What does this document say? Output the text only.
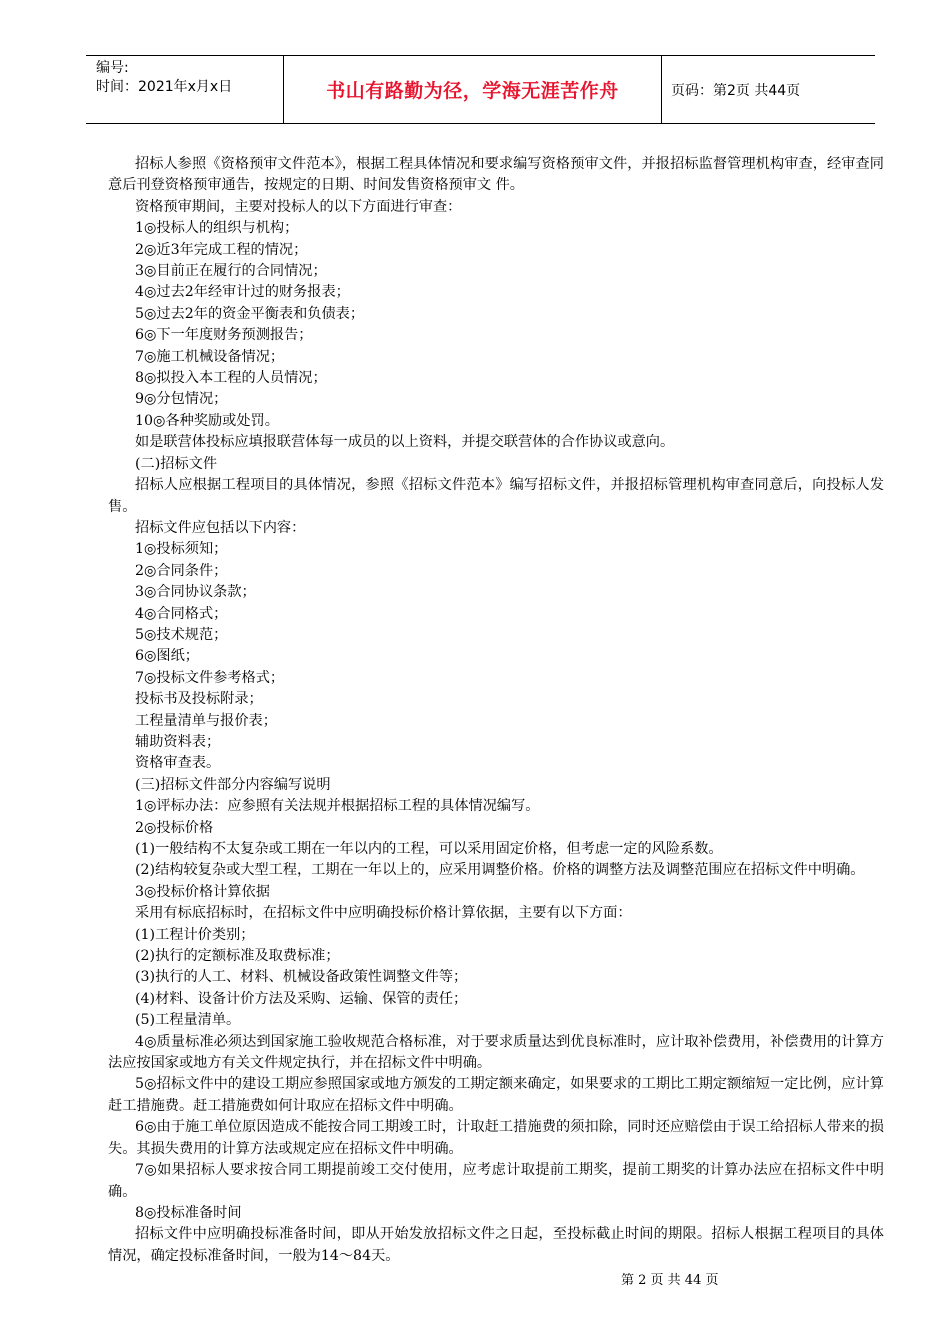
编号:
时间：2021年x月x日	书山有路勤为径，学海无涯苦作舟	页码：第2页 共44页

招标人参照《资格预审文件范本》，根据工程具体情况和要求编写资格预审文件，并报招标监督管理机构审查，经审查同意后刊登资格预审通告，按规定的日期、时间发售资格预审文 件。

资格预审期间，主要对投标人的以下方面进行审查：

1◎投标人的组织与机构；

2◎近3年完成工程的情况；

3◎目前正在履行的合同情况；

4◎过去2年经审计过的财务报表；

5◎过去2年的资金平衡表和负债表；

6◎下一年度财务预测报告；

7◎施工机械设备情况；

8◎拟投入本工程的人员情况；

9◎分包情况；

10◎各种奖励或处罚。

如是联营体投标应填报联营体每一成员的以上资料，并提交联营体的合作协议或意向。

(二)招标文件

招标人应根据工程项目的具体情况，参照《招标文件范本》编写招标文件，并报招标管理机构审查同意后，向投标人发售。

招标文件应包括以下内容：

1◎投标须知；

2◎合同条件；

3◎合同协议条款；

4◎合同格式；

5◎技术规范；

6◎图纸；

7◎投标文件参考格式；

投标书及投标附录；

工程量清单与报价表；

辅助资料表；

资格审查表。

(三)招标文件部分内容编写说明

1◎评标办法：应参照有关法规并根据招标工程的具体情况编写。

2◎投标价格

(1)一般结构不太复杂或工期在一年以内的工程，可以采用固定价格，但考虑一定的风险系数。

(2)结构较复杂或大型工程，工期在一年以上的，应采用调整价格。价格的调整方法及调整范围应在招标文件中明确。

3◎投标价格计算依据

采用有标底招标时，在招标文件中应明确投标价格计算依据，主要有以下方面：

(1)工程计价类别；

(2)执行的定额标准及取费标准；

(3)执行的人工、材料、机械设备政策性调整文件等；

(4)材料、设备计价方法及采购、运输、保管的责任；

(5)工程量清单。

4◎质量标准必须达到国家施工验收规范合格标准，对于要求质量达到优良标准时，应计取补偿费用，补偿费用的计算方法应按国家或地方有关文件规定执行，并在招标文件中明确。

5◎招标文件中的建设工期应参照国家或地方颁发的工期定额来确定，如果要求的工期比工期定额缩短一定比例，应计算赶工措施费。赶工措施费如何计取应在招标文件中明确。

6◎由于施工单位原因造成不能按合同工期竣工时，计取赶工措施费的须扣除，同时还应赔偿由于误工给招标人带来的损失。其损失费用的计算方法或规定应在招标文件中明确。

7◎如果招标人要求按合同工期提前竣工交付使用，应考虑计取提前工期奖，提前工期奖的计算办法应在招标文件中明确。

8◎投标准备时间

招标文件中应明确投标准备时间，即从开始发放招标文件之日起，至投标截止时间的期限。招标人根据工程项目的具体情况，确定投标准备时间，一般为14～84天。

第 2 页 共 44 页
